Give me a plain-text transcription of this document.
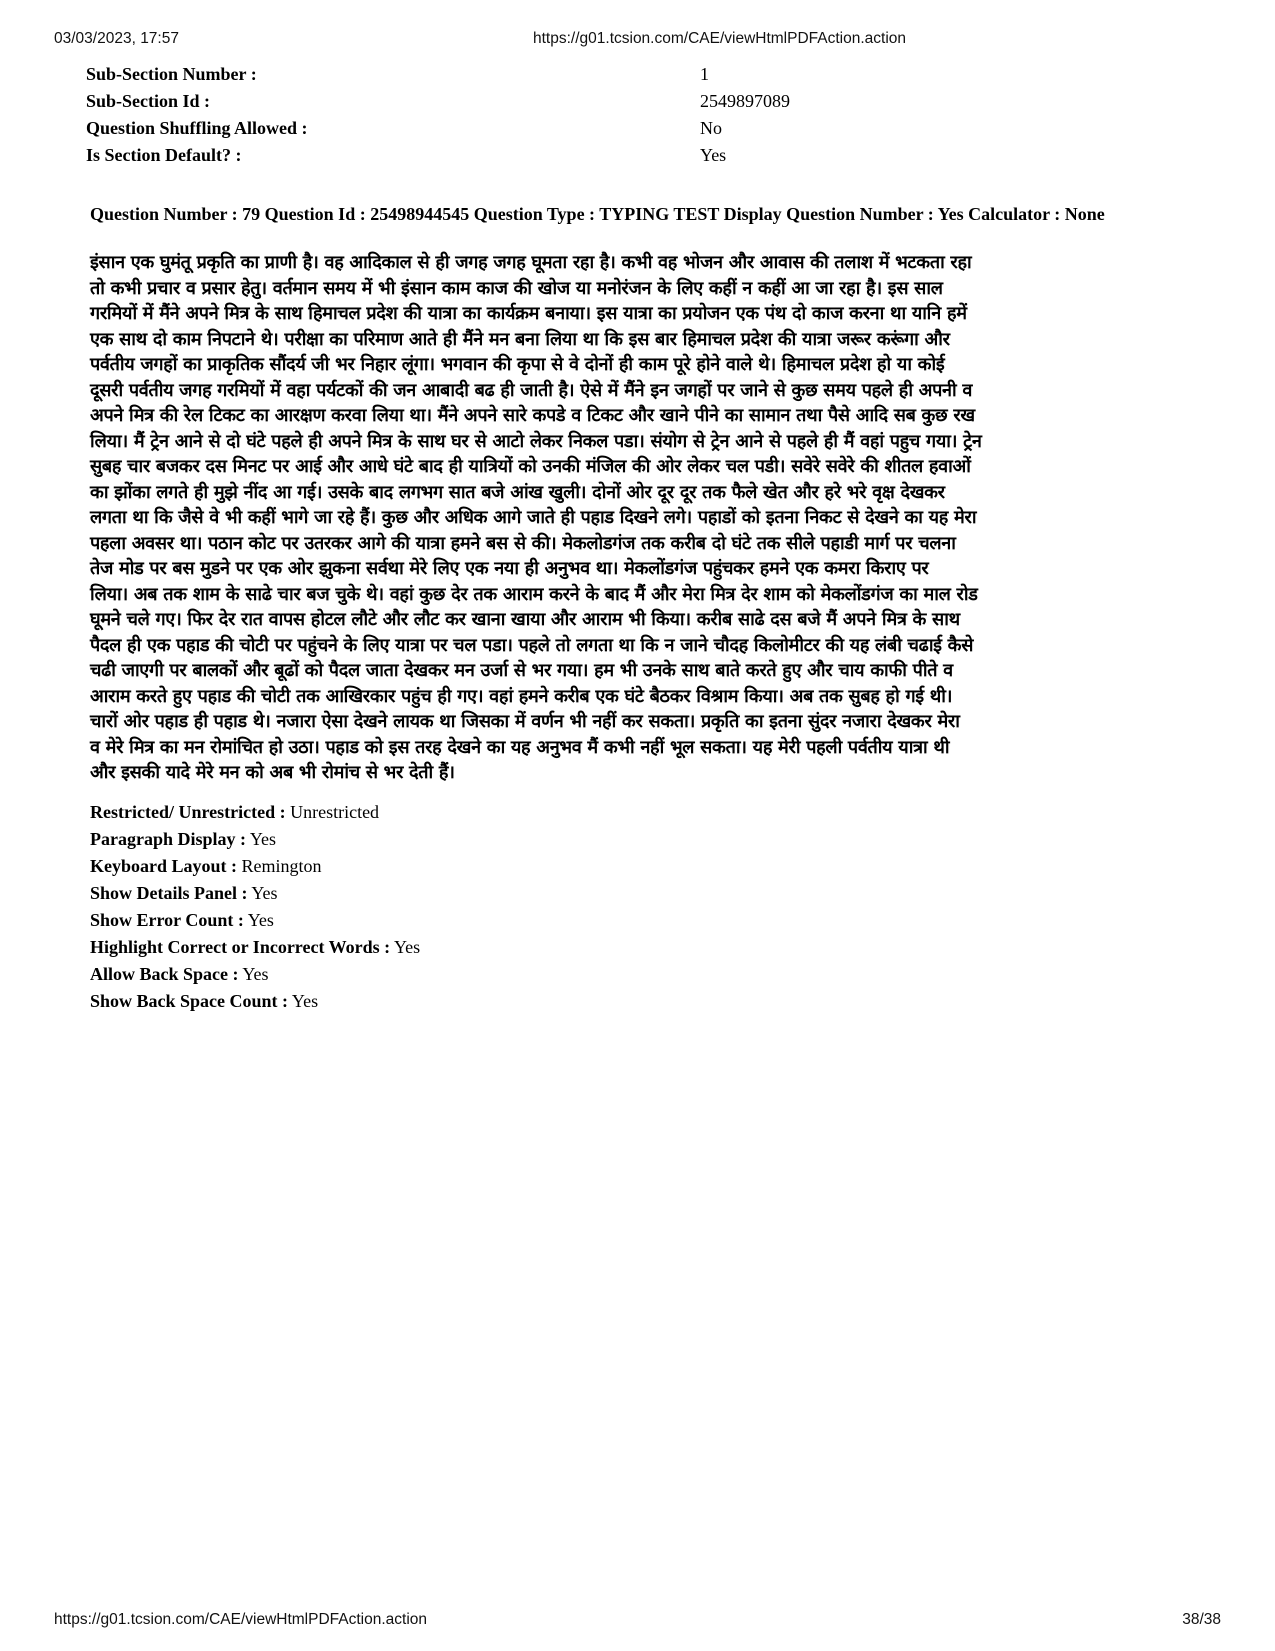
03/03/2023, 17:57	https://g01.tcsion.com/CAE/viewHtmlPDFAction.action
Sub-Section Number :	1
Sub-Section Id :	2549897089
Question Shuffling Allowed :	No
Is Section Default? :	Yes
Question Number : 79 Question Id : 25498944545 Question Type : TYPING TEST Display Question Number : Yes Calculator : None
इंसान एक घुमंतू प्रकृति का प्राणी है। वह आदिकाल से ही जगह जगह घूमता रहा है। कभी वह भोजन और आवास की तलाश में भटकता रहा
तो कभी प्रचार व प्रसार हेतु। वर्तमान समय में भी इंसान काम काज की खोज या मनोरंजन के लिए कहीं न कहीं आ जा रहा है। इस साल
गरमियों में मैंने अपने मित्र के साथ हिमाचल प्रदेश की यात्रा का कार्यक्रम बनाया। इस यात्रा का प्रयोजन एक पंथ दो काज करना था यानि हमें
एक साथ दो काम निपटाने थे। परीक्षा का परिमाण आते ही मैंने मन बना लिया था कि इस बार हिमाचल प्रदेश की यात्रा जरूर करूंगा और
पर्वतीय जगहों का प्राकृतिक सौंदर्य जी भर निहार लूंगा। भगवान की कृपा से वे दोनों ही काम पूरे होने वाले थे। हिमाचल प्रदेश हो या कोई
दूसरी पर्वतीय जगह गरमियों में वहा पर्यटकों की जन आबादी बढ ही जाती है। ऐसे में मैंने इन जगहों पर जाने से कुछ समय पहले ही अपनी व
अपने मित्र की रेल टिकट का आरक्षण करवा लिया था। मैंने अपने सारे कपडे व टिकट और खाने पीने का सामान तथा पैसे आदि सब कुछ रख
लिया। मैं ट्रेन आने से दो घंटे पहले ही अपने मित्र के साथ घर से आटो लेकर निकल पडा। संयोग से ट्रेन आने से पहले ही मैं वहां पहुच गया। ट्रेन
सुबह चार बजकर दस मिनट पर आई और आधे घंटे बाद ही यात्रियों को उनकी मंजिल की ओर लेकर चल पडी। सवेरे सवेरे की शीतल हवाओं
का झोंका लगते ही मुझे नींद आ गई। उसके बाद लगभग सात बजे आंख खुली। दोनों ओर दूर दूर तक फैले खेत और हरे भरे वृक्ष देखकर
लगता था कि जैसे वे भी कहीं भागे जा रहे हैं। कुछ और अधिक आगे जाते ही पहाड दिखने लगे। पहाडों को इतना निकट से देखने का यह मेरा
पहला अवसर था। पठान कोट पर उतरकर आगे की यात्रा हमने बस से की। मेकलोडगंज तक करीब दो घंटे तक सीले पहाडी मार्ग पर चलना
तेज मोड पर बस मुडने पर एक ओर झुकना सर्वथा मेरे लिए एक नया ही अनुभव था। मेकलोंडगंज पहुंचकर हमने एक कमरा किराए पर
लिया। अब तक शाम के साढे चार बज चुके थे। वहां कुछ देर तक आराम करने के बाद मैं और मेरा मित्र देर शाम को मेकलोंडगंज का माल रोड
घूमने चले गए। फिर देर रात वापस होटल लौटे और लौट कर खाना खाया और आराम भी किया। करीब साढे दस बजे मैं अपने मित्र के साथ
पैदल ही एक पहाड की चोटी पर पहुंचने के लिए यात्रा पर चल पडा। पहले तो लगता था कि न जाने चौदह किलोमीटर की यह लंबी चढाई कैसे
चढी जाएगी पर बालकों और बूढों को पैदल जाता देखकर मन उर्जा से भर गया। हम भी उनके साथ बाते करते हुए और चाय काफी पीते व
आराम करते हुए पहाड की चोटी तक आखिरकार पहुंच ही गए। वहां हमने करीब एक घंटे बैठकर विश्राम किया। अब तक सुबह हो गई थी।
चारों ओर पहाड ही पहाड थे। नजारा ऐसा देखने लायक था जिसका में वर्णन भी नहीं कर सकता। प्रकृति का इतना सुंदर नजारा देखकर मेरा
व मेरे मित्र का मन रोमांचित हो उठा। पहाड को इस तरह देखने का यह अनुभव मैं कभी नहीं भूल सकता। यह मेरी पहली पर्वतीय यात्रा थी
और इसकी यादे मेरे मन को अब भी रोमांच से भर देती हैं।
Restricted/ Unrestricted : Unrestricted
Paragraph Display : Yes
Keyboard Layout : Remington
Show Details Panel : Yes
Show Error Count : Yes
Highlight Correct or Incorrect Words : Yes
Allow Back Space : Yes
Show Back Space Count : Yes
https://g01.tcsion.com/CAE/viewHtmlPDFAction.action	38/38
